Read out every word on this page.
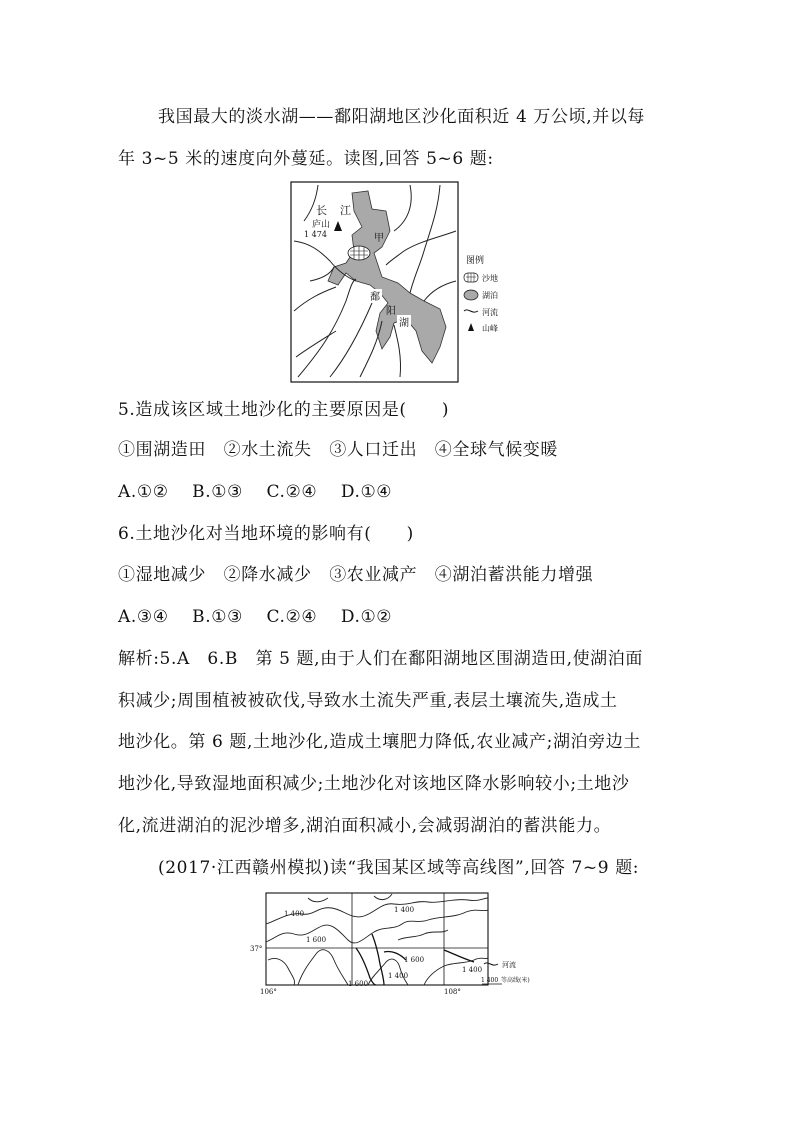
我国最大的淡水湖——鄱阳湖地区沙化面积近 4 万公顷,并以每
年 3~5 米的速度向外蔓延。读图,回答 5~6 题:
长 江
庐山
1 474	甲
鄱
阳
湖
图例
沙地
湖泊
河流
山峰
5.造成该区域土地沙化的主要原因是(　　)
①围湖造田　②水土流失　③人口迁出　④全球气候变暖
A.①②　 B.①③　 C.②④　 D.①④
6.土地沙化对当地环境的影响有(　　)
①湿地减少　②降水减少　③农业减产　④湖泊蓄洪能力增强
A.③④　 B.①③　 C.②④　 D.①②
解析:5.A　6.B　第 5 题,由于人们在鄱阳湖地区围湖造田,使湖泊面
积减少;周围植被被砍伐,导致水土流失严重,表层土壤流失,造成土
地沙化。第 6 题,土地沙化,造成土壤肥力降低,农业减产;湖泊旁边土
地沙化,导致湿地面积减少;土地沙化对该地区降水影响较小;土地沙
化,流进湖泊的泥沙增多,湖泊面积减小,会减弱湖泊的蓄洪能力。
(2017·江西赣州模拟)读“我国某区域等高线图”,回答 7~9 题:
1 400	1 400
1 600
1 600
1 400
1 600
1 400
37°
106°	108°
河流
1 400 等高线(米)
